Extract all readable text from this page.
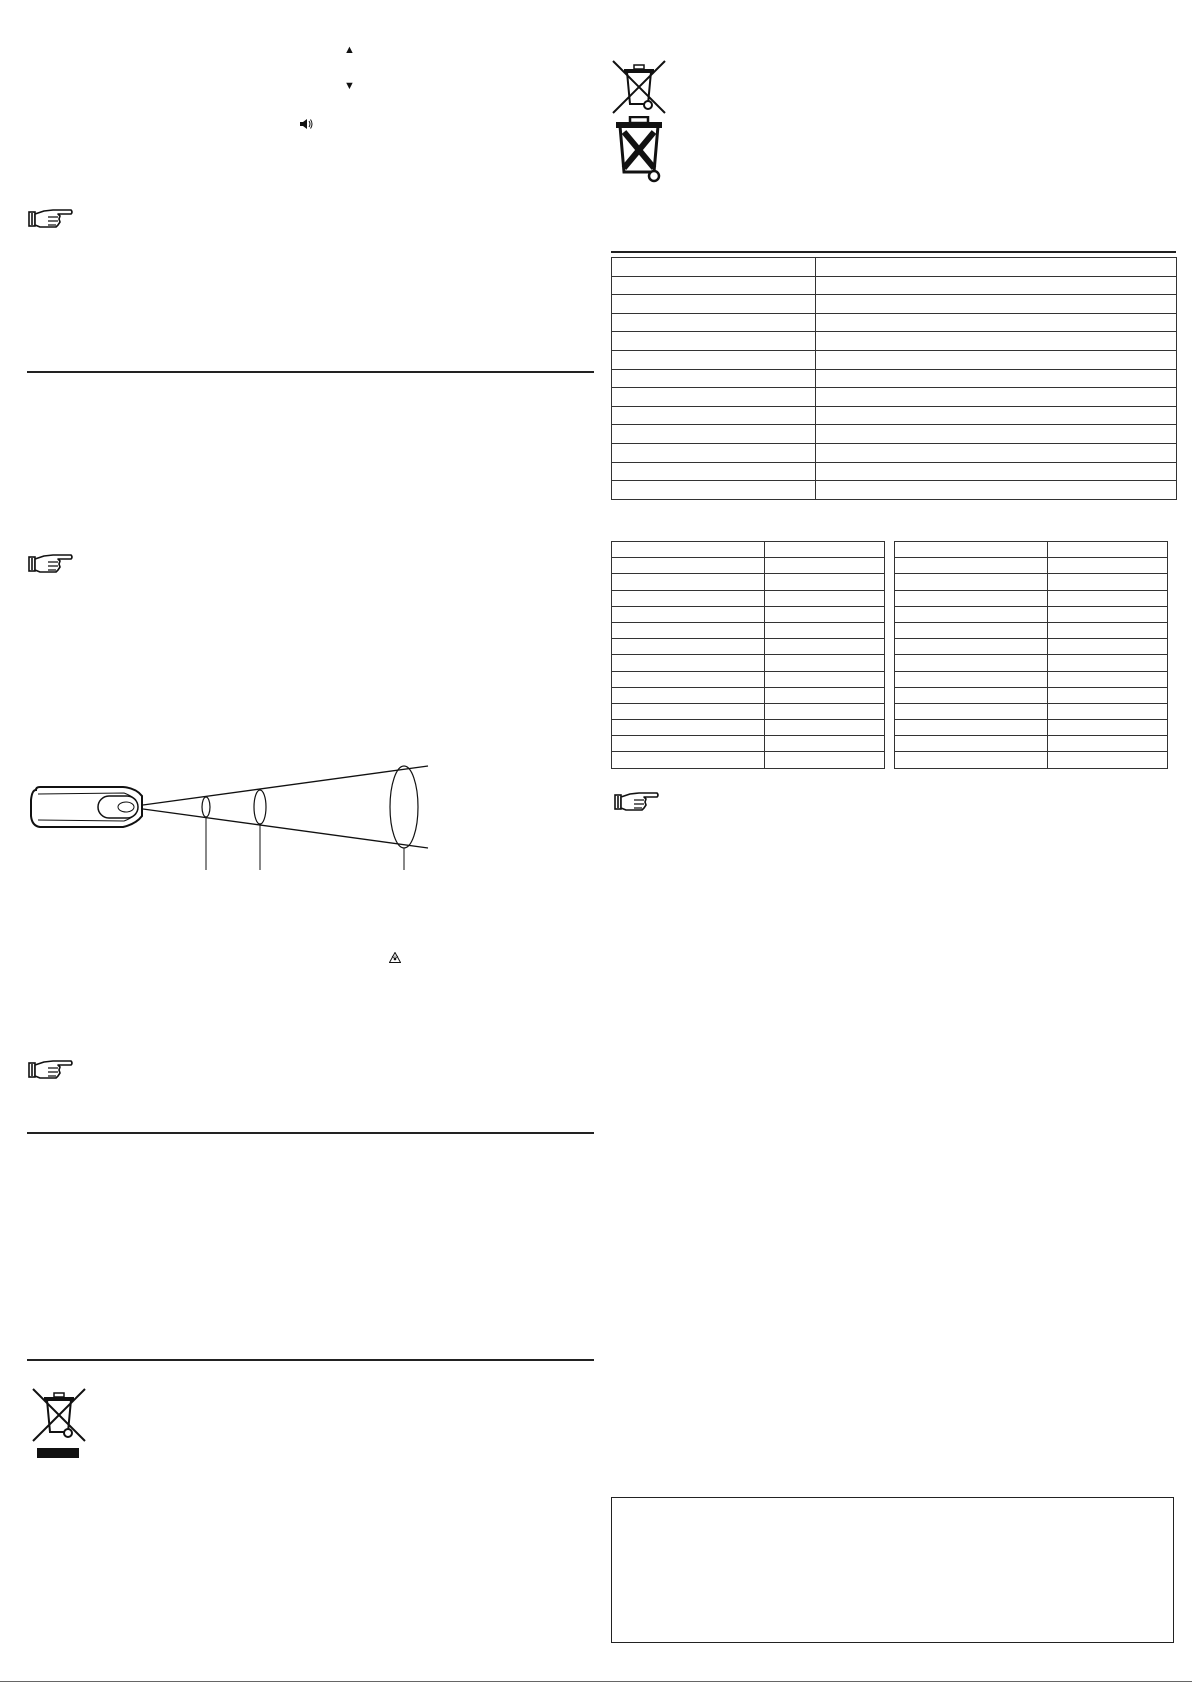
▲
▼
